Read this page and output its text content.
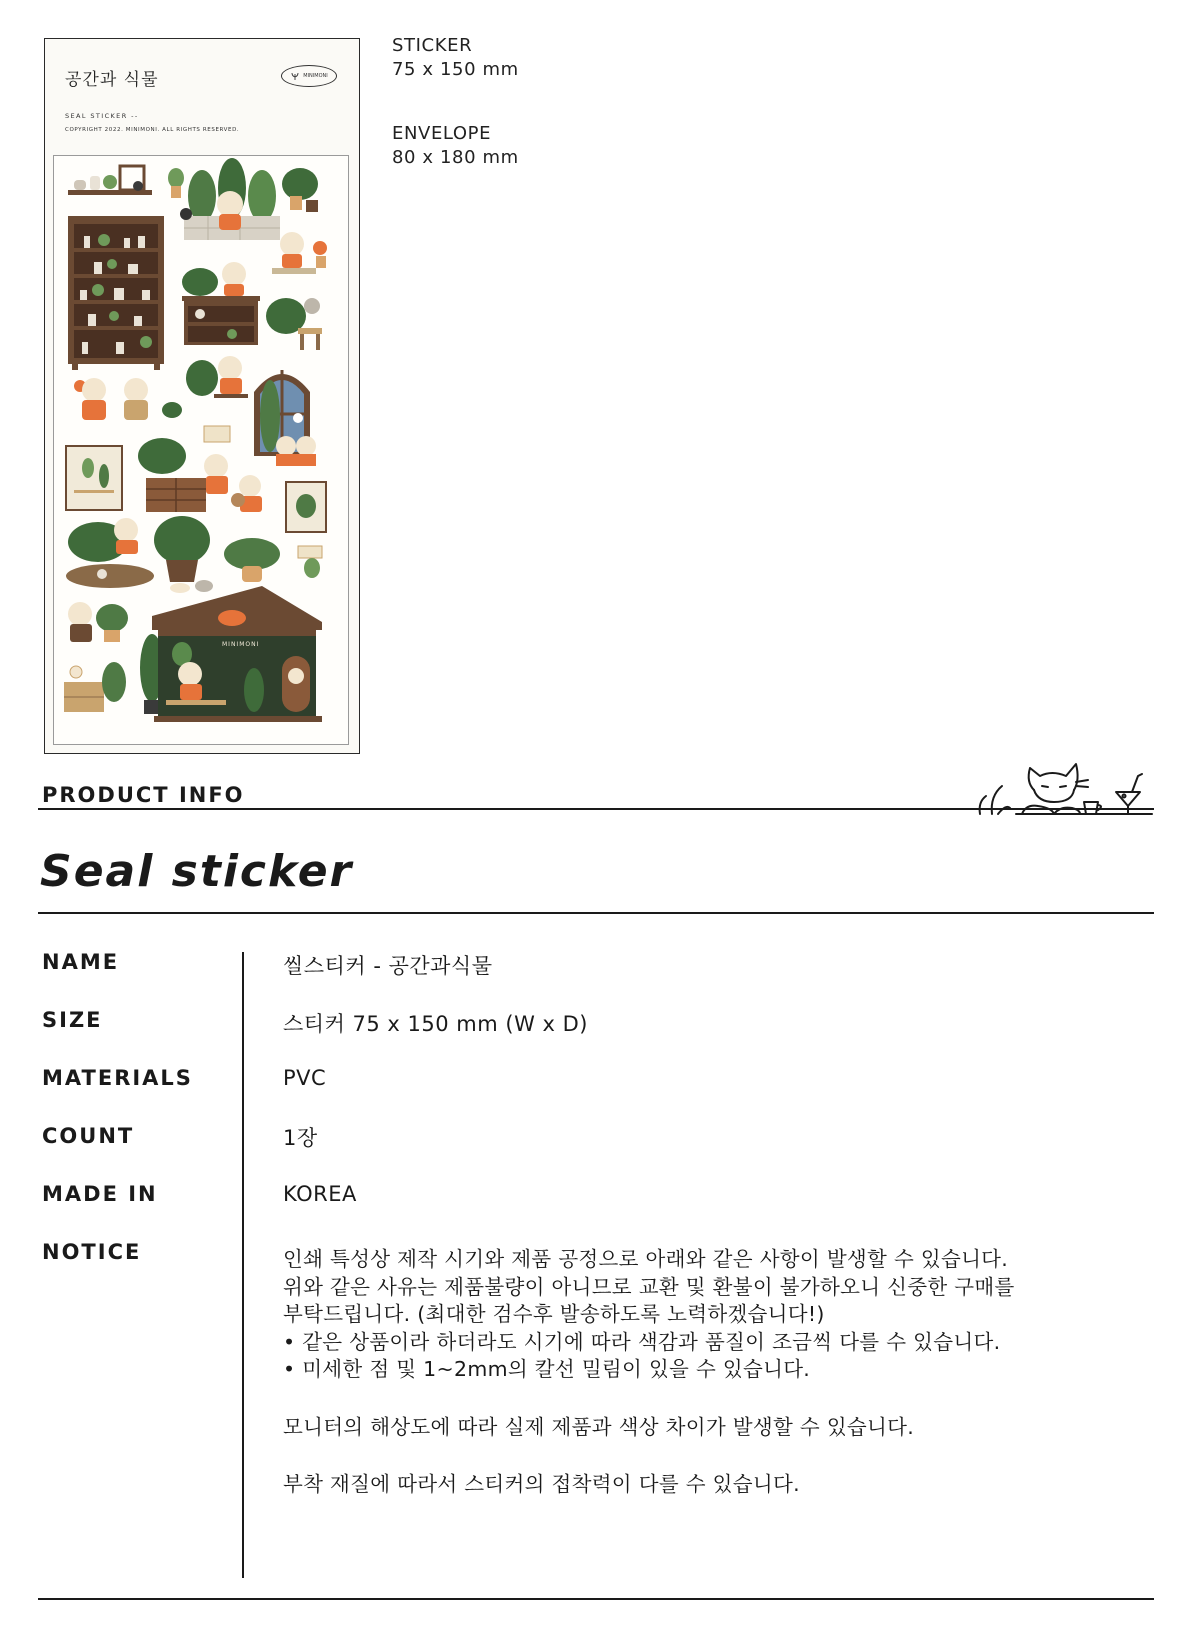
공간과 식물	MINIMONI
SEAL STICKER --
COPYRIGHT 2022. MINIMONI. ALL RIGHTS RESERVED.
MINIMONI
STICKER
75 x 150 mm
ENVELOPE
80 x 180 mm
PRODUCT INFO
Seal sticker
NAME	씰스티커 - 공간과식물
SIZE	스티커 75 x 150 mm (W x D)
MATERIALS	PVC
COUNT	1장
MADE IN	KOREA
NOTICE	인쇄 특성상 제작 시기와 제품 공정으로 아래와 같은 사항이 발생할 수 있습니다.

위와 같은 사유는 제품불량이 아니므로 교환 및 환불이 불가하오니 신중한 구매를

부탁드립니다. (최대한 검수후 발송하도록 노력하겠습니다!)

• 같은 상품이라 하더라도 시기에 따라 색감과 품질이 조금씩 다를 수 있습니다.

• 미세한 점 및 1~2mm의 칼선 밀림이 있을 수 있습니다.

모니터의 해상도에 따라 실제 제품과 색상 차이가 발생할 수 있습니다.

부착 재질에 따라서 스티커의 접착력이 다를 수 있습니다.
